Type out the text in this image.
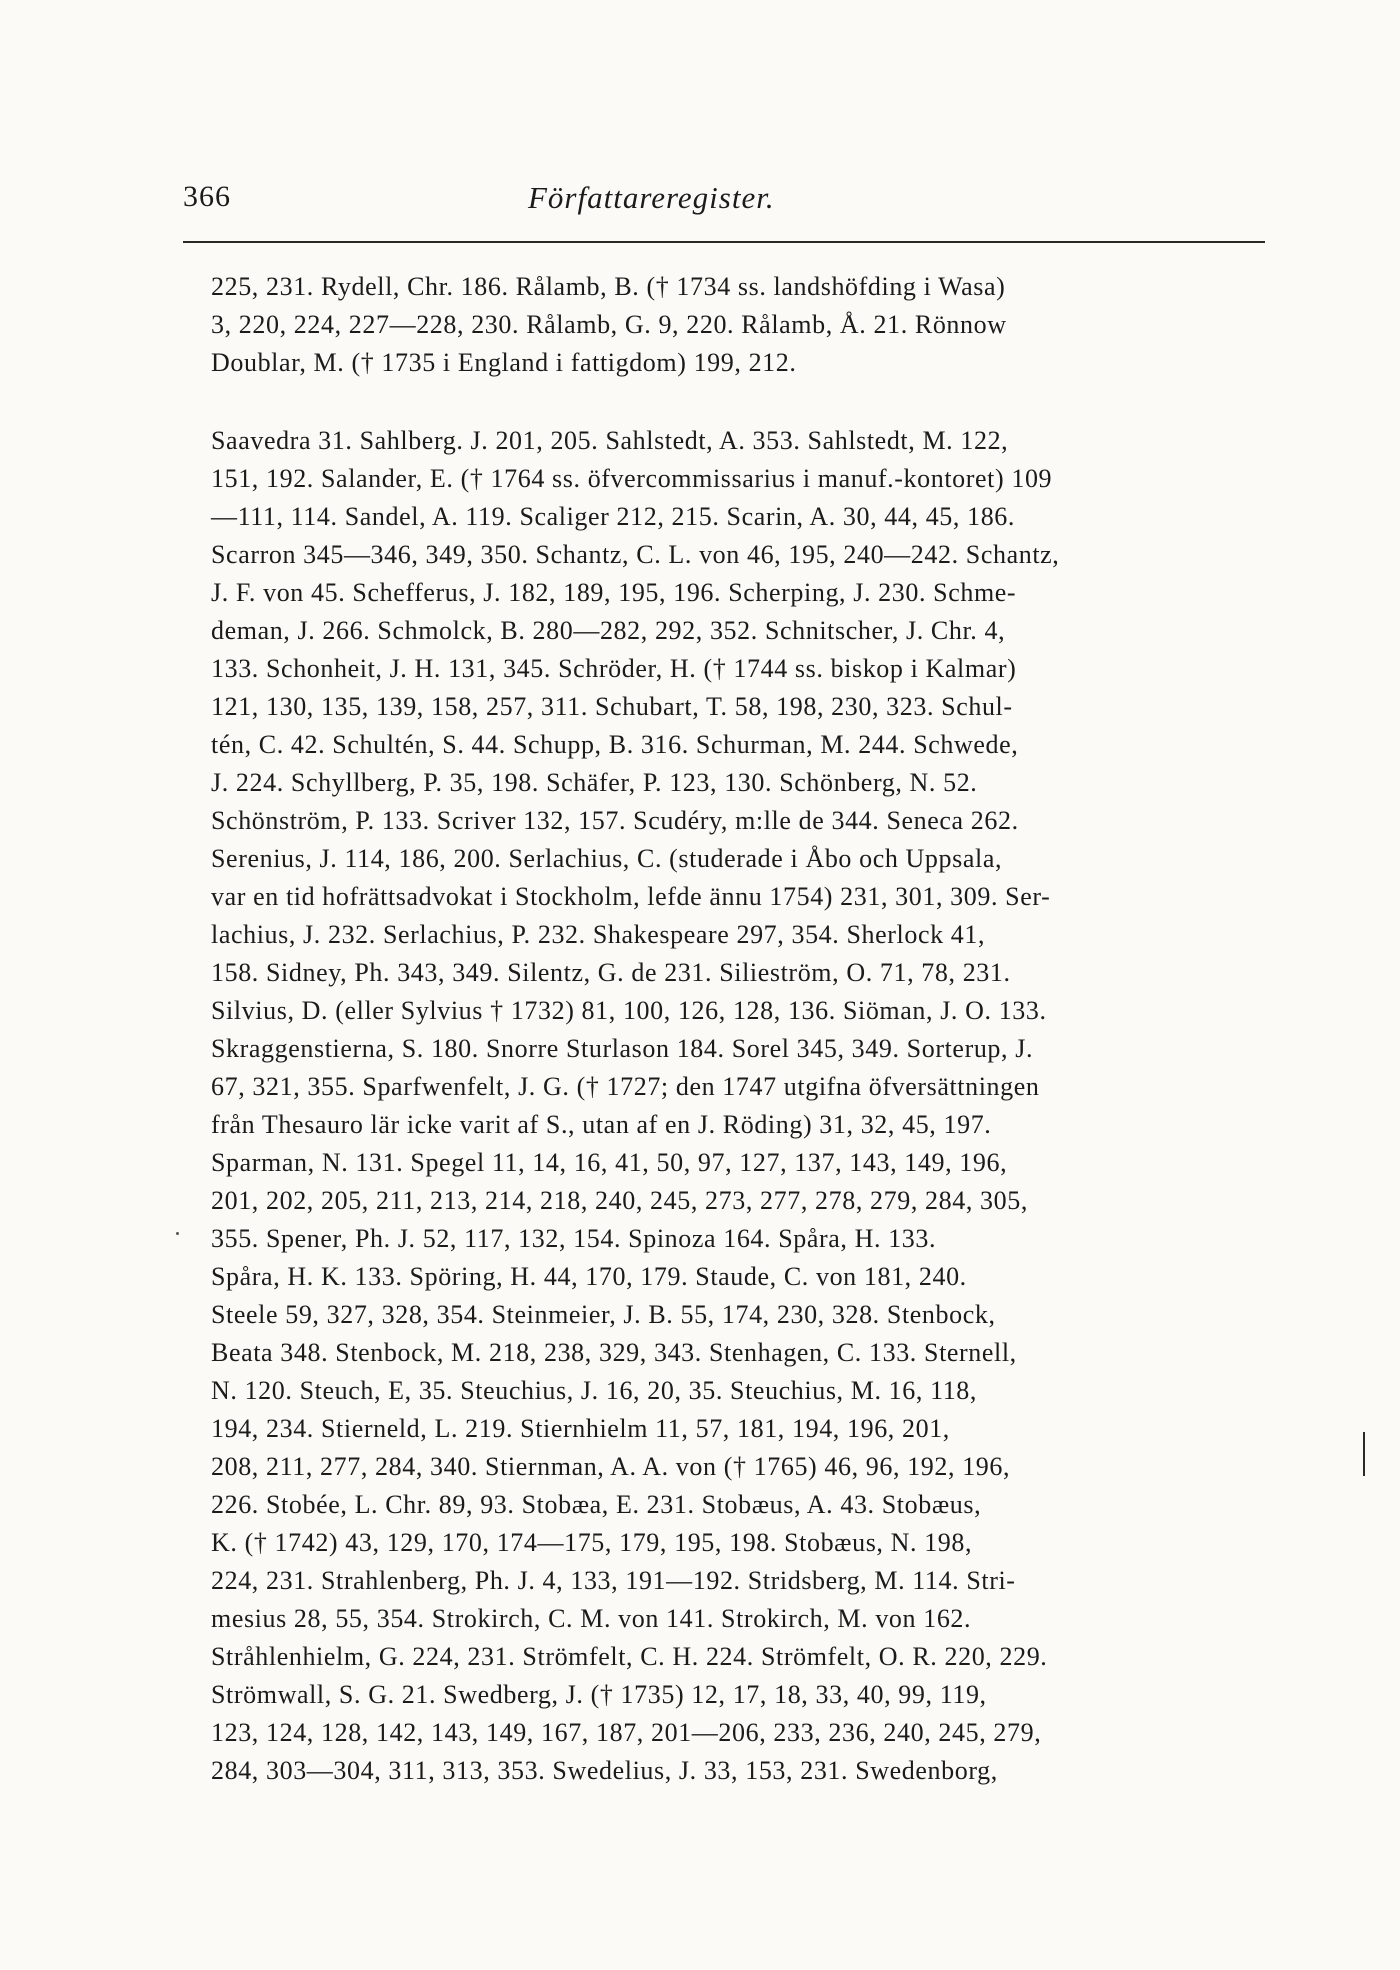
366	Författareregister.
225, 231. Rydell, Chr. 186. Rålamb, B. († 1734 ss. landshöfding i Wasa)
3, 220, 224, 227—228, 230. Rålamb, G. 9, 220. Rålamb, Å. 21. Rönnow
Doublar, M. († 1735 i England i fattigdom) 199, 212.
Saavedra 31. Sahlberg. J. 201, 205. Sahlstedt, A. 353. Sahlstedt, M. 122,
151, 192. Salander, E. († 1764 ss. öfvercommissarius i manuf.-kontoret) 109
—111, 114. Sandel, A. 119. Scaliger 212, 215. Scarin, A. 30, 44, 45, 186.
Scarron 345—346, 349, 350. Schantz, C. L. von 46, 195, 240—242. Schantz,
J. F. von 45. Schefferus, J. 182, 189, 195, 196. Scherping, J. 230. Schme-
deman, J. 266. Schmolck, B. 280—282, 292, 352. Schnitscher, J. Chr. 4,
133. Schonheit, J. H. 131, 345. Schröder, H. († 1744 ss. biskop i Kalmar)
121, 130, 135, 139, 158, 257, 311. Schubart, T. 58, 198, 230, 323. Schul-
tén, C. 42. Schultén, S. 44. Schupp, B. 316. Schurman, M. 244. Schwede,
J. 224. Schyllberg, P. 35, 198. Schäfer, P. 123, 130. Schönberg, N. 52.
Schönström, P. 133. Scriver 132, 157. Scudéry, m:lle de 344. Seneca 262.
Serenius, J. 114, 186, 200. Serlachius, C. (studerade i Åbo och Uppsala,
var en tid hofrättsadvokat i Stockholm, lefde ännu 1754) 231, 301, 309. Ser-
lachius, J. 232. Serlachius, P. 232. Shakespeare 297, 354. Sherlock 41,
158. Sidney, Ph. 343, 349. Silentz, G. de 231. Silieström, O. 71, 78, 231.
Silvius, D. (eller Sylvius † 1732) 81, 100, 126, 128, 136. Siöman, J. O. 133.
Skraggenstierna, S. 180. Snorre Sturlason 184. Sorel 345, 349. Sorterup, J.
67, 321, 355. Sparfwenfelt, J. G. († 1727; den 1747 utgifna öfversättningen
från Thesauro lär icke varit af S., utan af en J. Röding) 31, 32, 45, 197.
Sparman, N. 131. Spegel 11, 14, 16, 41, 50, 97, 127, 137, 143, 149, 196,
201, 202, 205, 211, 213, 214, 218, 240, 245, 273, 277, 278, 279, 284, 305,
355. Spener, Ph. J. 52, 117, 132, 154. Spinoza 164. Spåra, H. 133.
Spåra, H. K. 133. Spöring, H. 44, 170, 179. Staude, C. von 181, 240.
Steele 59, 327, 328, 354. Steinmeier, J. B. 55, 174, 230, 328. Stenbock,
Beata 348. Stenbock, M. 218, 238, 329, 343. Stenhagen, C. 133. Sternell,
N. 120. Steuch, E, 35. Steuchius, J. 16, 20, 35. Steuchius, M. 16, 118,
194, 234. Stierneld, L. 219. Stiernhielm 11, 57, 181, 194, 196, 201,
208, 211, 277, 284, 340. Stiernman, A. A. von († 1765) 46, 96, 192, 196,
226. Stobée, L. Chr. 89, 93. Stobæa, E. 231. Stobæus, A. 43. Stobæus,
K. († 1742) 43, 129, 170, 174—175, 179, 195, 198. Stobæus, N. 198,
224, 231. Strahlenberg, Ph. J. 4, 133, 191—192. Stridsberg, M. 114. Stri-
mesius 28, 55, 354. Strokirch, C. M. von 141. Strokirch, M. von 162.
Stråhlenhielm, G. 224, 231. Strömfelt, C. H. 224. Strömfelt, O. R. 220, 229.
Strömwall, S. G. 21. Swedberg, J. († 1735) 12, 17, 18, 33, 40, 99, 119,
123, 124, 128, 142, 143, 149, 167, 187, 201—206, 233, 236, 240, 245, 279,
284, 303—304, 311, 313, 353. Swedelius, J. 33, 153, 231. Swedenborg,
